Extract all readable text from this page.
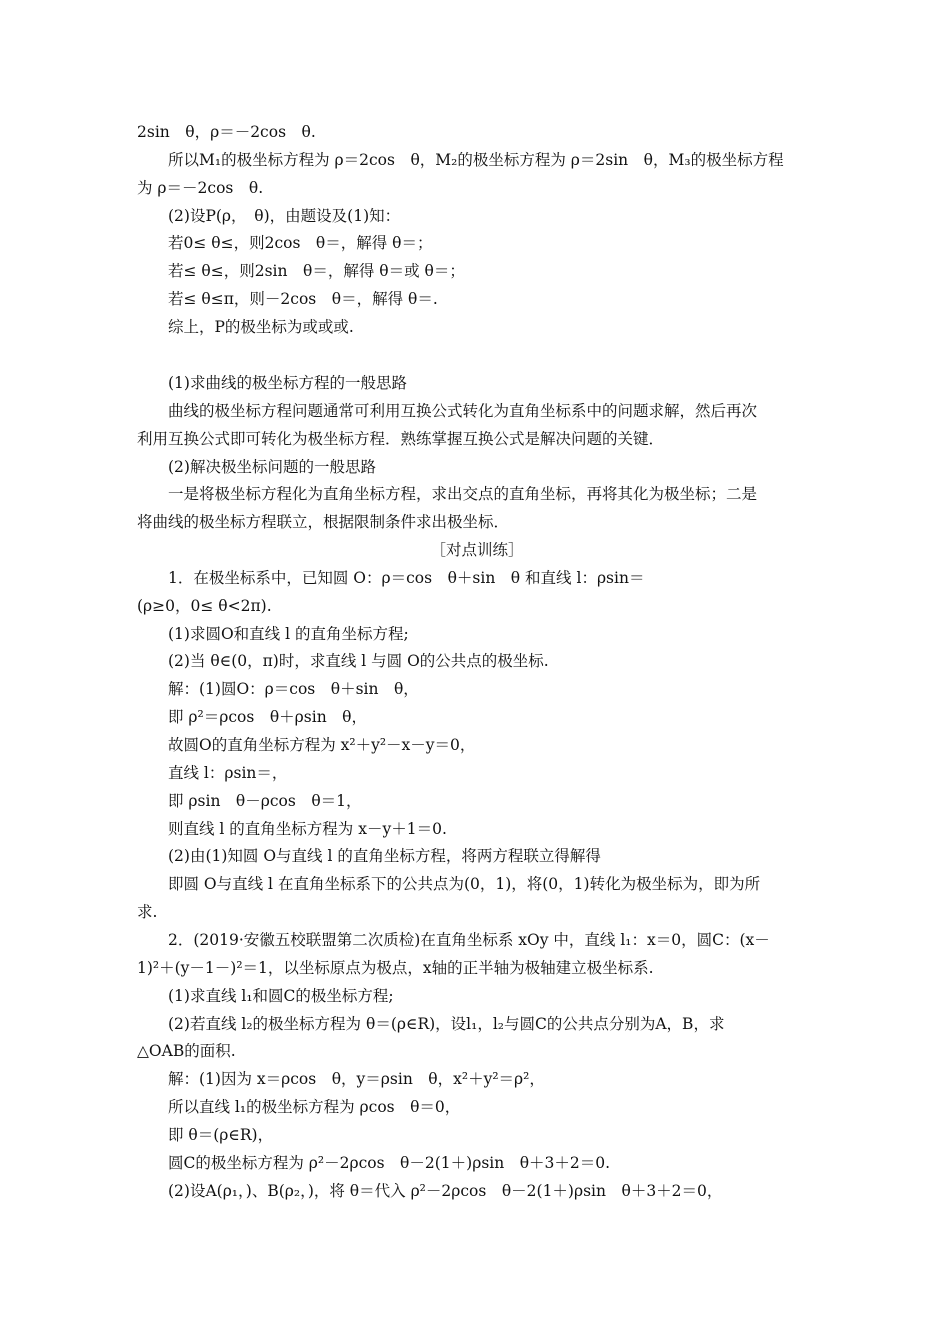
2sin　θ，ρ＝－2cos　θ.
所以M₁的极坐标方程为 ρ＝2cos　θ，M₂的极坐标方程为 ρ＝2sin　θ，M₃的极坐标方程
为 ρ＝－2cos　θ.
(2)设P(ρ，　θ)，由题设及(1)知：
若0≤ θ≤，则2cos　θ＝，解得 θ＝；
若≤ θ≤，则2sin　θ＝，解得 θ＝或 θ＝；
若≤ θ≤π，则－2cos　θ＝，解得 θ＝.
综上，P的极坐标为或或或.
(1)求曲线的极坐标方程的一般思路
曲线的极坐标方程问题通常可利用互换公式转化为直角坐标系中的问题求解，然后再次
利用互换公式即可转化为极坐标方程．熟练掌握互换公式是解决问题的关键．
(2)解决极坐标问题的一般思路
一是将极坐标方程化为直角坐标方程，求出交点的直角坐标，再将其化为极坐标；二是
将曲线的极坐标方程联立，根据限制条件求出极坐标．
［对点训练］
1．在极坐标系中，已知圆 O：ρ＝cos　θ＋sin　θ 和直线 l：ρsin＝
(ρ≥0，0≤ θ<2π).
(1)求圆O和直线 l 的直角坐标方程;
(2)当 θ∈(0，π)时，求直线 l 与圆 O的公共点的极坐标.
解：(1)圆O：ρ＝cos　θ＋sin　θ，
即 ρ²＝ρcos　θ＋ρsin　θ，
故圆O的直角坐标方程为 x²＋y²－x－y＝0，
直线 l：ρsin＝，
即 ρsin　θ－ρcos　θ＝1，
则直线 l 的直角坐标方程为 x－y＋1＝0.
(2)由(1)知圆 O与直线 l 的直角坐标方程，将两方程联立得解得
即圆 O与直线 l 在直角坐标系下的公共点为(0，1)，将(0，1)转化为极坐标为，即为所
求.
2．(2019·安徽五校联盟第二次质检)在直角坐标系 xOy 中，直线 l₁：x＝0，圆C：(x－
1)²＋(y－1－)²＝1，以坐标原点为极点，x轴的正半轴为极轴建立极坐标系.
(1)求直线 l₁和圆C的极坐标方程;
(2)若直线 l₂的极坐标方程为 θ＝(ρ∈R)，设l₁，l₂与圆C的公共点分别为A，B，求
△OAB的面积.
解：(1)因为 x＝ρcos　θ，y＝ρsin　θ，x²＋y²＝ρ²，
所以直线 l₁的极坐标方程为 ρcos　θ＝0，
即 θ＝(ρ∈R)，
圆C的极坐标方程为 ρ²－2ρcos　θ－2(1＋)ρsin　θ＋3＋2＝0.
(2)设A(ρ₁，)、B(ρ₂，)，将 θ＝代入 ρ²－2ρcos　θ－2(1＋)ρsin　θ＋3＋2＝0，
